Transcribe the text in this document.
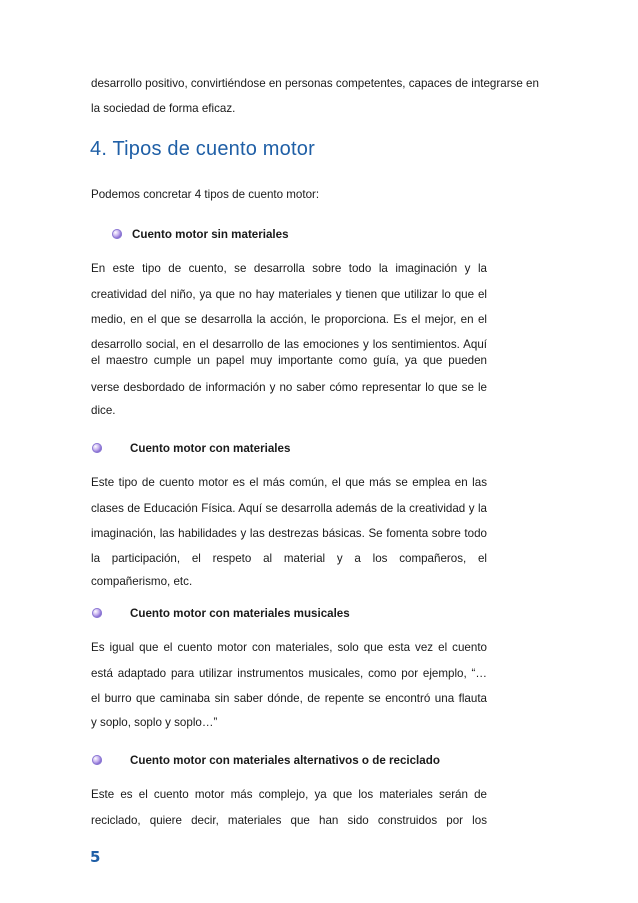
desarrollo positivo, convirtiéndose en personas competentes, capaces de integrarse en
la sociedad de forma eficaz.
4. Tipos de cuento motor
Podemos concretar 4 tipos de cuento motor:
Cuento motor sin materiales
En este tipo de cuento, se desarrolla sobre todo la imaginación y la
creatividad del niño, ya que no hay materiales y tienen que utilizar lo que el
medio, en el que se desarrolla la acción, le proporciona. Es el mejor, en el
desarrollo social, en el desarrollo de las emociones y los sentimientos. Aquí
el maestro cumple un papel muy importante como guía, ya que pueden
verse desbordado de información y no saber cómo representar lo que se le
dice.
Cuento motor con materiales
Este tipo de cuento motor es el más común, el que más se emplea en las
clases de Educación Física. Aquí se desarrolla además de la creatividad y la
imaginación, las habilidades y las destrezas básicas. Se fomenta sobre todo
la participación, el respeto al material y a los compañeros, el
compañerismo, etc.
Cuento motor con materiales musicales
Es igual que el cuento motor con materiales, solo que esta vez el cuento
está adaptado para utilizar instrumentos musicales, como por ejemplo, “…
el burro que caminaba sin saber dónde, de repente se encontró una flauta
y soplo, soplo y soplo…”
Cuento motor con materiales alternativos o de reciclado
Este es el cuento motor más complejo, ya que los materiales serán de
reciclado, quiere decir, materiales que han sido construidos por los
5
